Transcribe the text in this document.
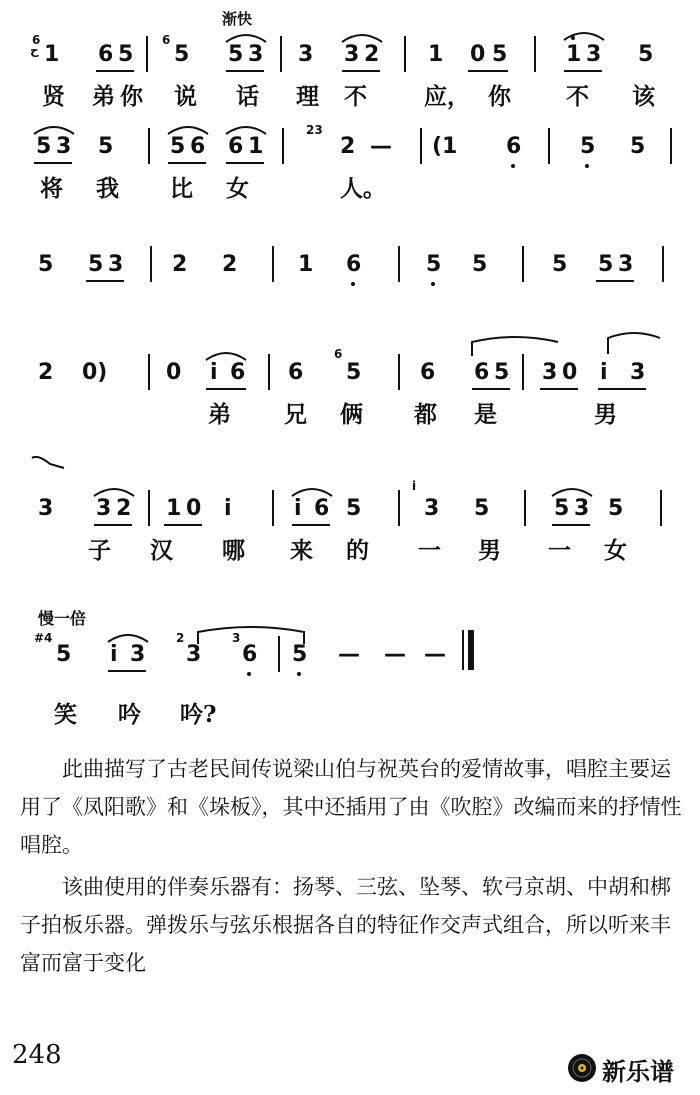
渐快
6
ح 1 6 5
6
5 5 3 3 3 2 1 0 5	1 3 5
贤 弟 你 说 话 理 不 应， 你 不 该
5 3 5	5 6 6 1
23
2 — (1 6	5 5
将 我 比 女	人。
5 5 3 2 2	1 6	5 5	5 5 3
2 0)	0 i 6 6
6
5	6 6 5 3 0 i 3
弟 兄 俩 都 是	男
3 3 2 1 0 i	i 6 5
i
3 5	5 3 5
子 汉 哪 来 的 一 男 一 女
慢一倍
#4
5 i 3
2
3
3
6 5 — — —
笑 吟 吟?
此曲描写了古老民间传说梁山伯与祝英台的爱情故事，唱腔主要运用了《凤阳歌》和《垛板》，其中还插用了由《吹腔》改编而来的抒情性唱腔。
该曲使用的伴奏乐器有：扬琴、三弦、坠琴、软弓京胡、中胡和梆子拍板乐器。弹拨乐与弦乐根据各自的特征作交声式组合，所以听来丰富而富于变化
248
新乐谱
